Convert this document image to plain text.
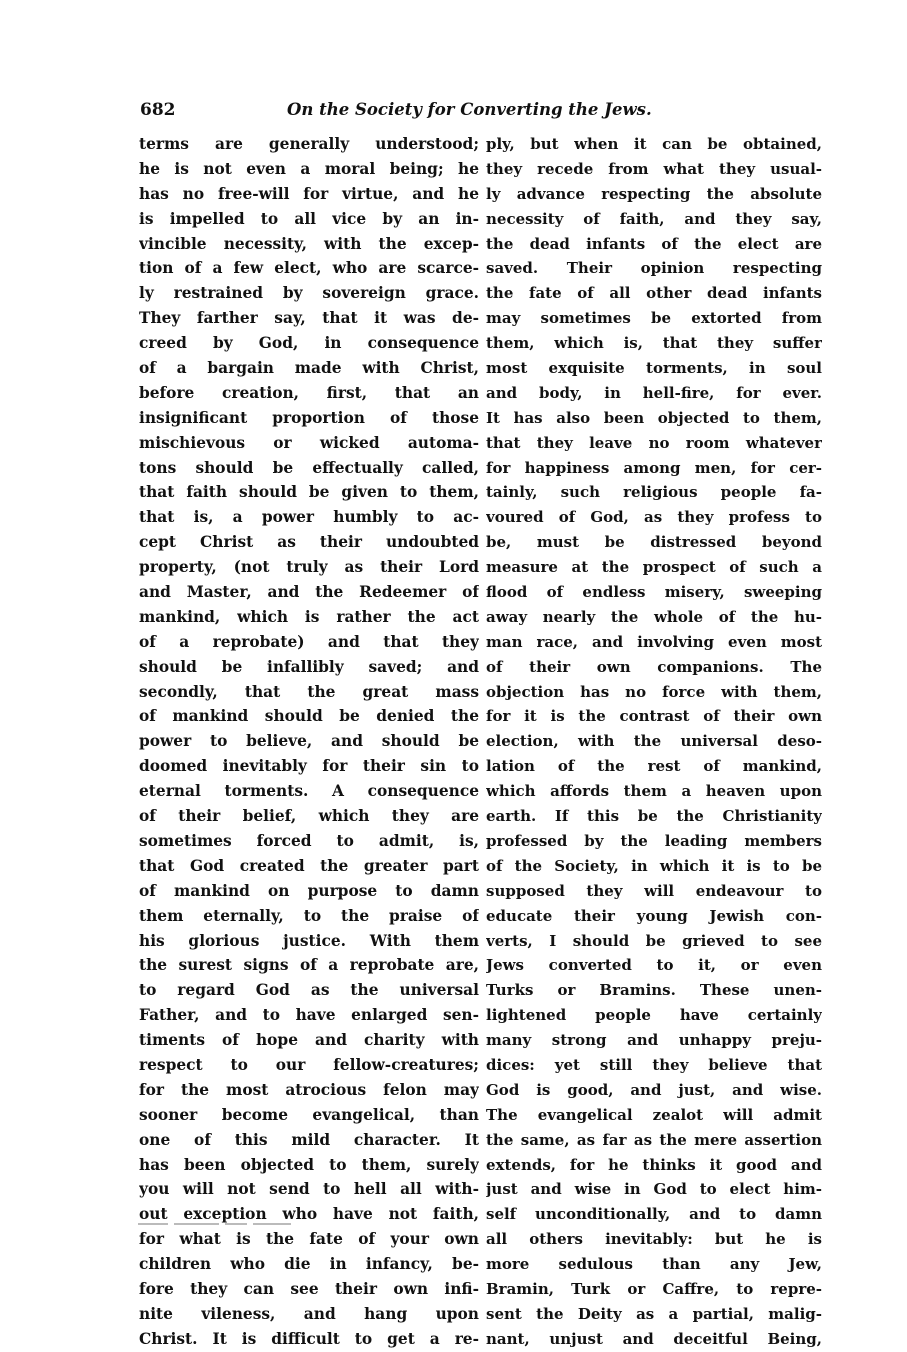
682	On the Society for Converting the Jews.
terms are generally understood;
he is not even a moral being; he
has no free-will for virtue, and he
is impelled to all vice by an in-
vincible necessity, with the excep-
tion of a few elect, who are scarce-
ly restrained by sovereign grace.
They farther say, that it was de-
creed by God, in consequence
of a bargain made with Christ,
before creation, first, that an
insignificant proportion of those
mischievous or wicked automa-
tons should be effectually called,
that faith should be given to them,
that is, a power humbly to ac-
cept Christ as their undoubted
property, (not truly as their Lord
and Master, and the Redeemer of
mankind, which is rather the act
of a reprobate) and that they
should be infallibly saved; and
secondly, that the great mass
of mankind should be denied the
power to believe, and should be
doomed inevitably for their sin to
eternal torments. A consequence
of their belief, which they are
sometimes forced to admit, is,
that God created the greater part
of mankind on purpose to damn
them eternally, to the praise of
his glorious justice. With them
the surest signs of a reprobate are,
to regard God as the universal
Father, and to have enlarged sen-
timents of hope and charity with
respect to our fellow-creatures;
for the most atrocious felon may
sooner become evangelical, than
one of this mild character. It
has been objected to them, surely
you will not send to hell all with-
out exception who have not faith,
for what is the fate of your own
children who die in infancy, be-
fore they can see their own infi-
nite vileness, and hang upon
Christ. It is difficult to get a re-
ply, but when it can be obtained,
they recede from what they usual-
ly advance respecting the absolute
necessity of faith, and they say,
the dead infants of the elect are
saved. Their opinion respecting
the fate of all other dead infants
may sometimes be extorted from
them, which is, that they suffer
most exquisite torments, in soul
and body, in hell-fire, for ever.
It has also been objected to them,
that they leave no room whatever
for happiness among men, for cer-
tainly, such religious people fa-
voured of God, as they profess to
be, must be distressed beyond
measure at the prospect of such a
flood of endless misery, sweeping
away nearly the whole of the hu-
man race, and involving even most
of their own companions. The
objection has no force with them,
for it is the contrast of their own
election, with the universal deso-
lation of the rest of mankind,
which affords them a heaven upon
earth. If this be the Christianity
professed by the leading members
of the Society, in which it is to be
supposed they will endeavour to
educate their young Jewish con-
verts, I should be grieved to see
Jews converted to it, or even
Turks or Bramins. These unen-
lightened people have certainly
many strong and unhappy preju-
dices: yet still they believe that
God is good, and just, and wise.
The evangelical zealot will admit
the same, as far as the mere assertion
extends, for he thinks it good and
just and wise in God to elect him-
self unconditionally, and to damn
all others inevitably: but he is
more sedulous than any Jew,
Bramin, Turk or Caffre, to repre-
sent the Deity as a partial, malig-
nant, unjust and deceitful Being,
